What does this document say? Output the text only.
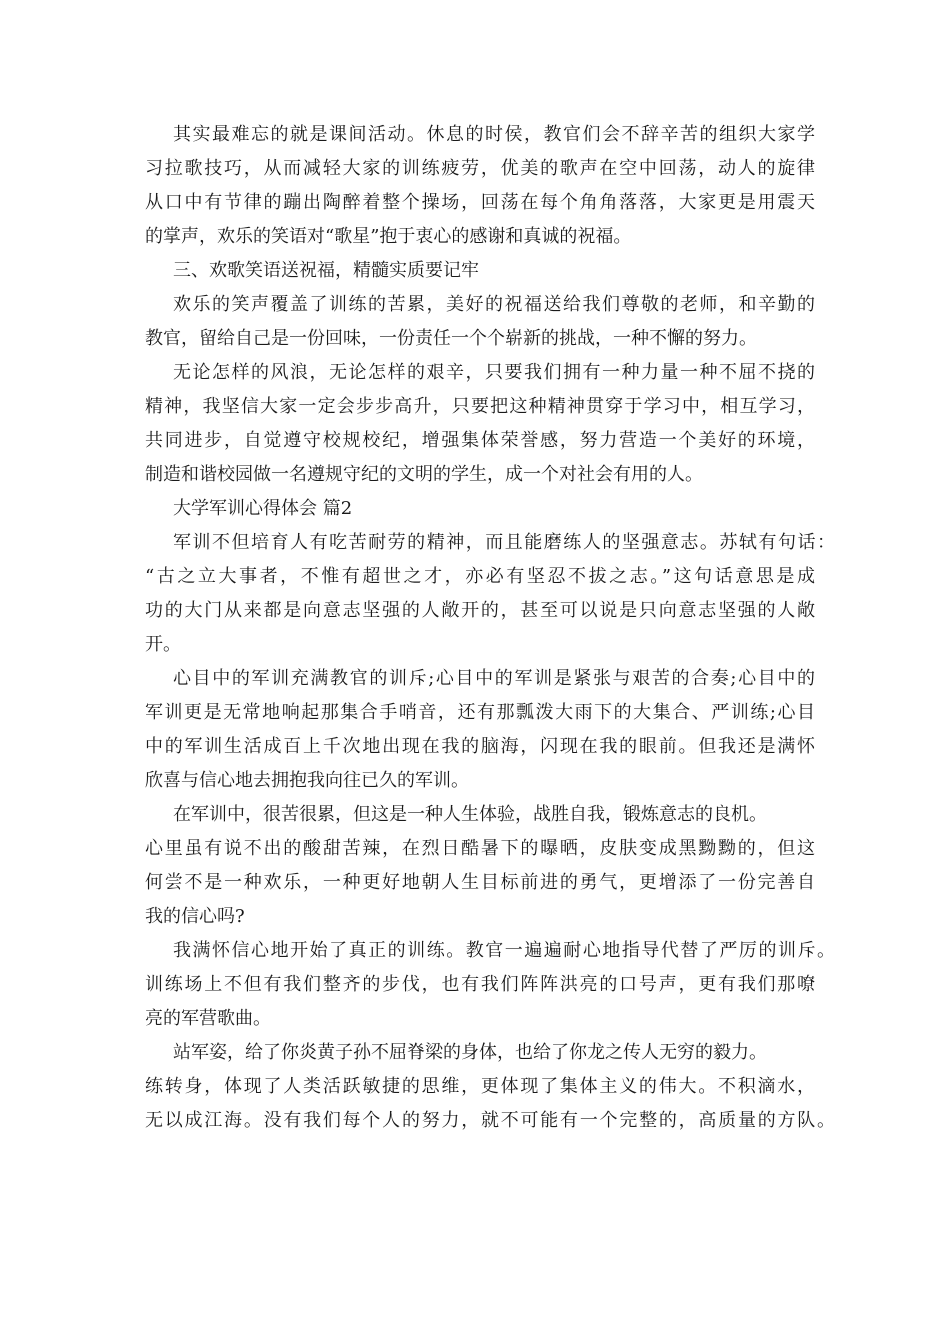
其实最难忘的就是课间活动。休息的时侯，教官们会不辞辛苦的组织大家学
习拉歌技巧，从而减轻大家的训练疲劳，优美的歌声在空中回荡，动人的旋律
从口中有节律的蹦出陶醉着整个操场，回荡在每个角角落落，大家更是用震天
的掌声，欢乐的笑语对“歌星”抱于衷心的感谢和真诚的祝福。
三、欢歌笑语送祝福，精髓实质要记牢
欢乐的笑声覆盖了训练的苦累，美好的祝福送给我们尊敬的老师，和辛勤的
教官，留给自己是一份回味，一份责任一个个崭新的挑战，一种不懈的努力。
无论怎样的风浪，无论怎样的艰辛，只要我们拥有一种力量一种不屈不挠的
精神，我坚信大家一定会步步高升，只要把这种精神贯穿于学习中，相互学习，
共同进步，自觉遵守校规校纪，增强集体荣誉感，努力营造一个美好的环境，
制造和谐校园做一名遵规守纪的文明的学生，成一个对社会有用的人。
大学军训心得体会 篇2
军训不但培育人有吃苦耐劳的精神，而且能磨练人的坚强意志。苏轼有句话：
“古之立大事者，不惟有超世之才，亦必有坚忍不拔之志。”这句话意思是成
功的大门从来都是向意志坚强的人敞开的，甚至可以说是只向意志坚强的人敞
开。
心目中的军训充满教官的训斥;心目中的军训是紧张与艰苦的合奏;心目中的
军训更是无常地响起那集合手哨音，还有那瓢泼大雨下的大集合、严训练;心目
中的军训生活成百上千次地出现在我的脑海，闪现在我的眼前。但我还是满怀
欣喜与信心地去拥抱我向往已久的军训。
在军训中，很苦很累，但这是一种人生体验，战胜自我，锻炼意志的良机。
心里虽有说不出的酸甜苦辣，在烈日酷暑下的曝晒，皮肤变成黑黝黝的，但这
何尝不是一种欢乐，一种更好地朝人生目标前进的勇气，更增添了一份完善自
我的信心吗?
我满怀信心地开始了真正的训练。教官一遍遍耐心地指导代替了严厉的训斥。
训练场上不但有我们整齐的步伐，也有我们阵阵洪亮的口号声，更有我们那嘹
亮的军营歌曲。
站军姿，给了你炎黄子孙不屈脊梁的身体，也给了你龙之传人无穷的毅力。
练转身，体现了人类活跃敏捷的思维，更体现了集体主义的伟大。不积滴水，
无以成江海。没有我们每个人的努力，就不可能有一个完整的，高质量的方队。
